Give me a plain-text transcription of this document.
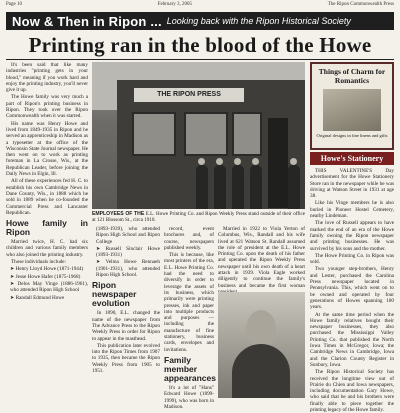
Page 10	February 3, 2005	The Ripon Commonwealth Press
Now & Then in Ripon ... Looking back with the Ripon Historical Society
Printing ran in the blood of the Howe

It's been said that like many industries "printing gets in your blood," meaning if you work hard and enjoy the printing industry, you'll never give it up.

The Howe family was very much a part of Ripon's printing business in Ripon. They took over the Ripon Commonwealth when it was started.

His name was Henry Howe and lived from 1849-1935 in Ripon and he served an apprenticeship in Madison as a typesetter at the office of the Wisconsin State Journal newspaper. He then went on to work as printing foreman in La Crosse, Wis., at the Republican Leader, before joining the Daily News in Elgin, Ill.

All of these experiences fed H. C. to establish his own Cambridge News in Dane County, Wis., in 1888 which he sold in 1889 when he co-founded the Commercial Press and Lancaster Republican.

Howe family in Ripon

Married twice, H. C. had six children and various family members who also joined the printing industry.

Those individuals include:

➤ Henry Lloyd Howe (1871-1944)

➤ Jesse Howe Hafer (1875-1968)

➤ Delos May Vinge (1886-1961), who attended Ripon High School

➤ Randall Edmund Howe

THE RIPON PRESS
EMPLOYEES OF THE E.L. Howe Printing Co. and Ripon Weekly Press stand outside of their office at 121 Blossom St., circa 1910.

(1893-1939), who attended Ripon High School and Ripon College

➤ Russell Sinclair Howe (1893-1931)

➤ Velma Howe Rennaeh (1901-1931), who attended Ripon High School.

Ripon newspaper evolution

In 1890, E.L. changed the name of the newspaper from The Advance Press to the Ripon Weekly Press in order for Ripon to appear in the masthead.

This publication later evolved into the Ripon Times from 1907 to 1935, then became the Ripon Weekly Press from 1905 to 1951.

record, event brochures and, of course, newspapers published weekly.

This is because, like most printers of the era, E.L. Howe Printing Co. had the need to diversify in order to leverage the assets of its business, which primarily were printing presses, ink and paper into multiple products and purposes — including the manufacture of fine stationery, business cards, envelopes and invitations.

Family member appearances

It's a lot of "Hans" Edward Howe (1899-1999), who was born in Madison.

Married in 1922 to Viola Yerton of Columbus, Wis., Randall and his wife lived at 621 Watson St. Randall assumed the role of president at the E.L. Howe Printing Co. upon the death of his father and operated the Ripon Weekly Press newspaper until his own death of a heart attack in 1939. Viola Eagle worked diligently to continue the family's business and became the first woman

Things of Charm for Romantics
Original designs in fine linens and gifts
Howe's Stationery

THIS VALENTINE'S Day advertisement for the Howe Stationery Store ran in the newspaper while he was driving at Watson Street in 1931 at age 38.

Like his Vinge members he is also buried in Pioneer Hostel Cemetery, nearby Lindeman.

The love of Russell appears to have marked the end of an era of the Howe family owning the Ripon newspaper and printing businesses. He was survived by his sons and the mother.

The Howe Printing Co. in Ripon was sold.

Two younger step-brothers, Henry and Lester, purchased the Carolina Press newspaper located in Pennsylvania. This, which went on to be owned and operated by four generations of Howes spanning 100 years.

At the same time period when the Howe family relatives bought their newspaper businesses, they also purchased the Mississippi Valley Printing Co. that published the North Iowa Times in McGregor, Iowa; the Cambridge News in Cambridge, Iowa and the Clarion County Register in Sunbury, Iowa.

The Ripon Historical Society has received the longtime view out of Prairie du Chien and Iowa newspapers, including documentation Gary Howe, who said that he and his brothers were finally able to piece together the printing legacy of the Howe family.
